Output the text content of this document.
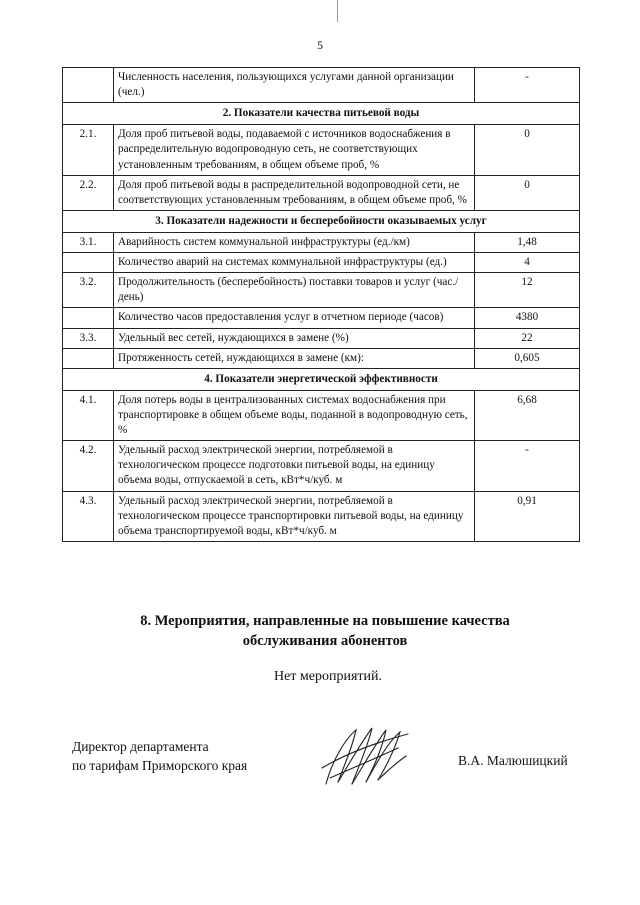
5
	Численность населения, пользующихся услугами данной организации (чел.)	-
2. Показатели качества питьевой воды		
2.1.	Доля проб питьевой воды, подаваемой с источников водоснабжения в распределительную водопроводную сеть, не соответствующих установленным требованиям, в общем объеме проб, %	0
2.2.	Доля проб питьевой воды в распределительной водопроводной сети, не соответствующих установленным требованиям, в общем объеме проб, %	0
3. Показатели надежности и бесперебойности оказываемых услуг		
3.1.	Аварийность систем коммунальной инфраструктуры (ед./км)	1,48
	Количество аварий на системах коммунальной инфраструктуры (ед.)	4
3.2.	Продолжительность (бесперебойность) поставки товаров и услуг (час./день)	12
	Количество часов предоставления услуг в отчетном периоде (часов)	4380
3.3.	Удельный вес сетей, нуждающихся в замене (%)	22
	Протяженность сетей, нуждающихся в замене (км):	0,605
4. Показатели энергетической эффективности		
4.1.	Доля потерь воды в централизованных системах водоснабжения при транспортировке в общем объеме воды, поданной в водопроводную сеть, %	6,68
4.2.	Удельный расход электрической энергии, потребляемой в технологическом процессе подготовки питьевой воды, на единицу объема воды, отпускаемой в сеть, кВт*ч/куб. м	-
4.3.	Удельный расход электрической энергии, потребляемой в технологическом процессе транспортировки питьевой воды, на единицу объема транспортируемой воды, кВт*ч/куб. м	0,91
8. Мероприятия, направленные на повышение качества
обслуживания абонентов
Нет мероприятий.
Директор департамента
по тарифам Приморского края	В.А. Малюшицкий
